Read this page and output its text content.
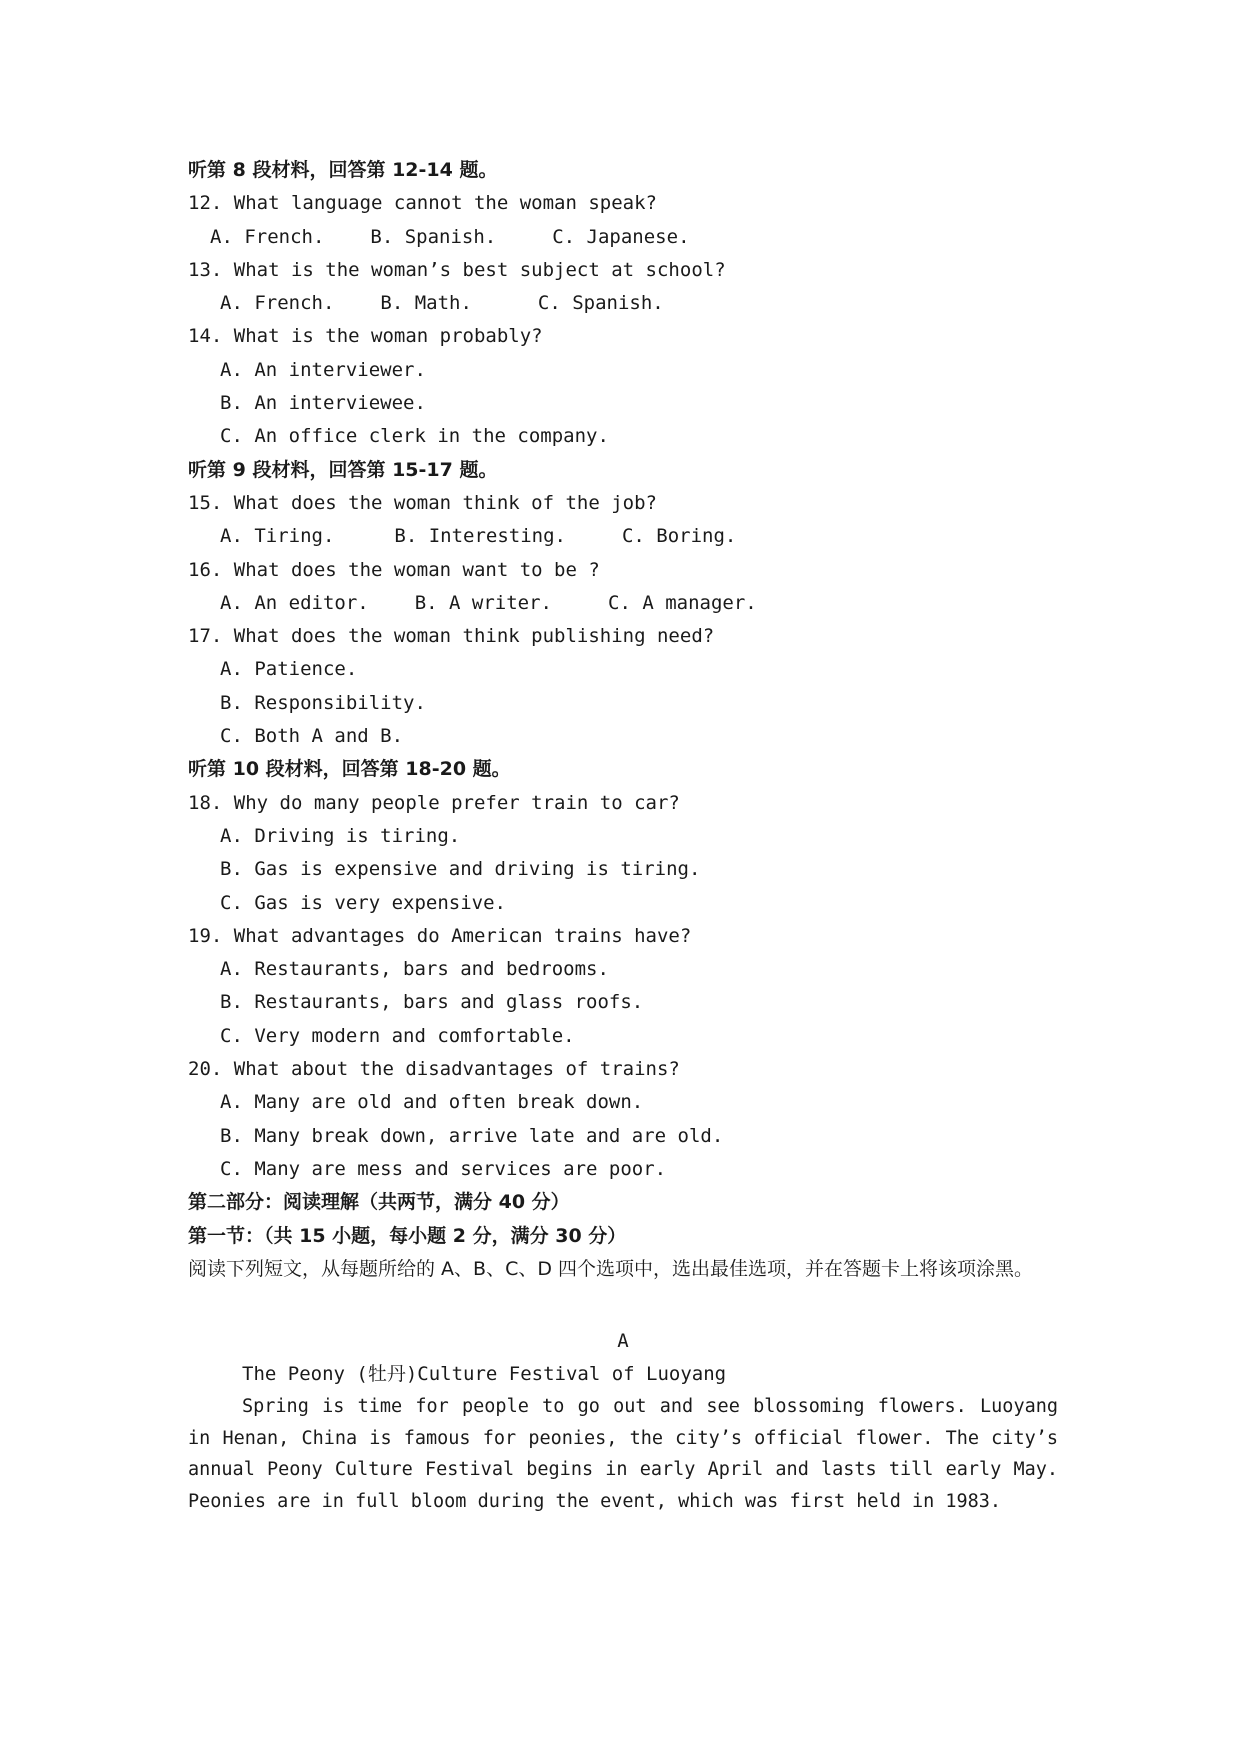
听第 8 段材料，回答第 12-14 题。
12. What language cannot the woman speak?
A. French. B. Spanish.	C. Japanese.
13. What is the woman’s best subject at school?
A. French. B. Math.	C. Spanish.
14. What is the woman probably?
A. An interviewer.
B. An interviewee.
C. An office clerk in the company.
听第 9 段材料，回答第 15-17 题。
15. What does the woman think of the job?
A. Tiring.	B. Interesting.	C. Boring.
16. What does the woman want to be ?
A. An editor. B. A writer.	C. A manager.
17. What does the woman think publishing need?
A. Patience.
B. Responsibility.
C. Both A and B.
听第 10 段材料，回答第 18-20 题。
18. Why do many people prefer train to car?
A. Driving is tiring.
B. Gas is expensive and driving is tiring.
C. Gas is very expensive.
19. What advantages do American trains have?
A. Restaurants, bars and bedrooms.
B. Restaurants, bars and glass roofs.
C. Very modern and comfortable.
20. What about the disadvantages of trains?
A. Many are old and often break down.
B. Many break down, arrive late and are old.
C. Many are mess and services are poor.
第二部分：阅读理解（共两节，满分 40 分）
第一节：（共 15 小题，每小题 2 分，满分 30 分）
阅读下列短文，从每题所给的 A、B、C、D 四个选项中，选出最佳选项，并在答题卡上将该项涂黑。
A
The Peony (牡丹)Culture Festival of Luoyang
Spring is time for people to go out and see blossoming flowers. Luoyang in Henan, China is famous for peonies, the city’s official flower. The city’s annual Peony Culture Festival begins in early April and lasts till early May. Peonies are in full bloom during the event, which was first held in 1983.
